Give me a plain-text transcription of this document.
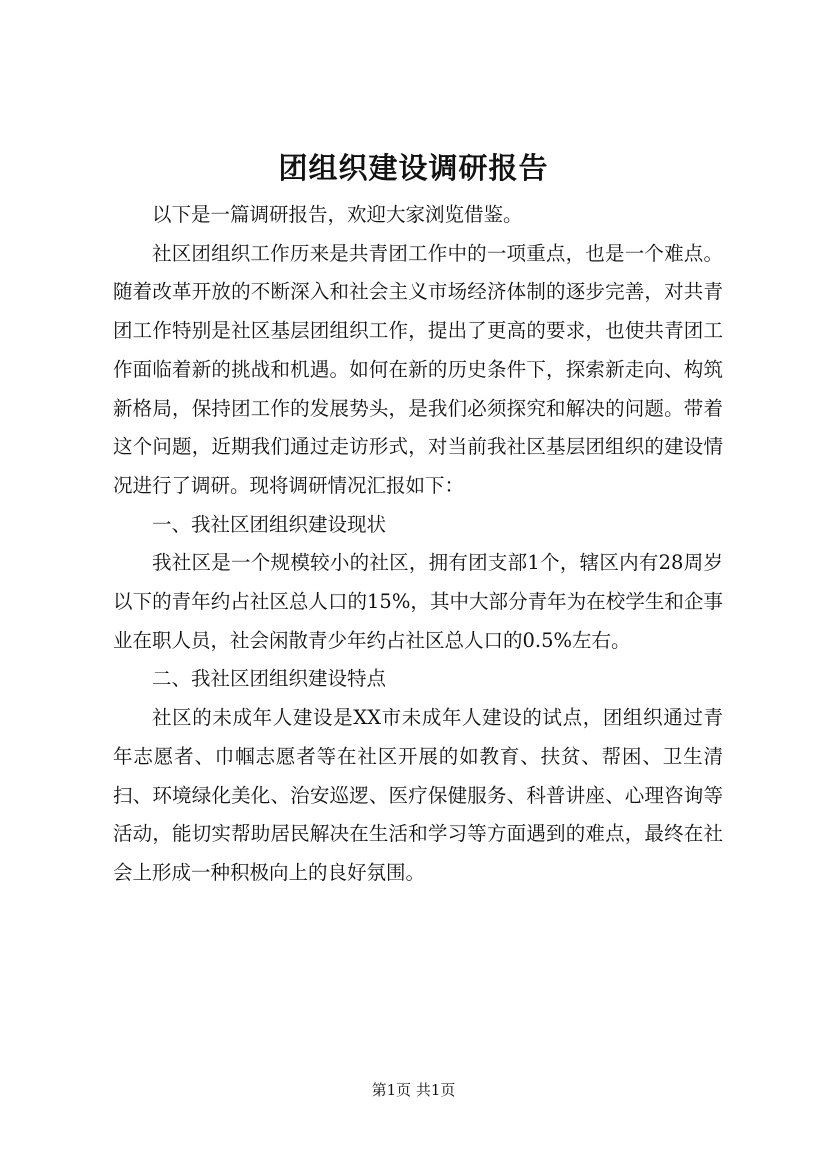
团组织建设调研报告

以下是一篇调研报告，欢迎大家浏览借鉴。

社区团组织工作历来是共青团工作中的一项重点，也是一个难点。随着改革开放的不断深入和社会主义市场经济体制的逐步完善，对共青团工作特别是社区基层团组织工作，提出了更高的要求，也使共青团工作面临着新的挑战和机遇。如何在新的历史条件下，探索新走向、构筑新格局，保持团工作的发展势头，是我们必须探究和解决的问题。带着这个问题，近期我们通过走访形式，对当前我社区基层团组织的建设情况进行了调研。现将调研情况汇报如下：

一、我社区团组织建设现状

我社区是一个规模较小的社区，拥有团支部1个，辖区内有28周岁以下的青年约占社区总人口的15%，其中大部分青年为在校学生和企事业在职人员，社会闲散青少年约占社区总人口的0.5%左右。

二、我社区团组织建设特点

社区的未成年人建设是XX市未成年人建设的试点，团组织通过青年志愿者、巾帼志愿者等在社区开展的如教育、扶贫、帮困、卫生清扫、环境绿化美化、治安巡逻、医疗保健服务、科普讲座、心理咨询等活动，能切实帮助居民解决在生活和学习等方面遇到的难点，最终在社会上形成一种积极向上的良好氛围。

第1页 共1页
